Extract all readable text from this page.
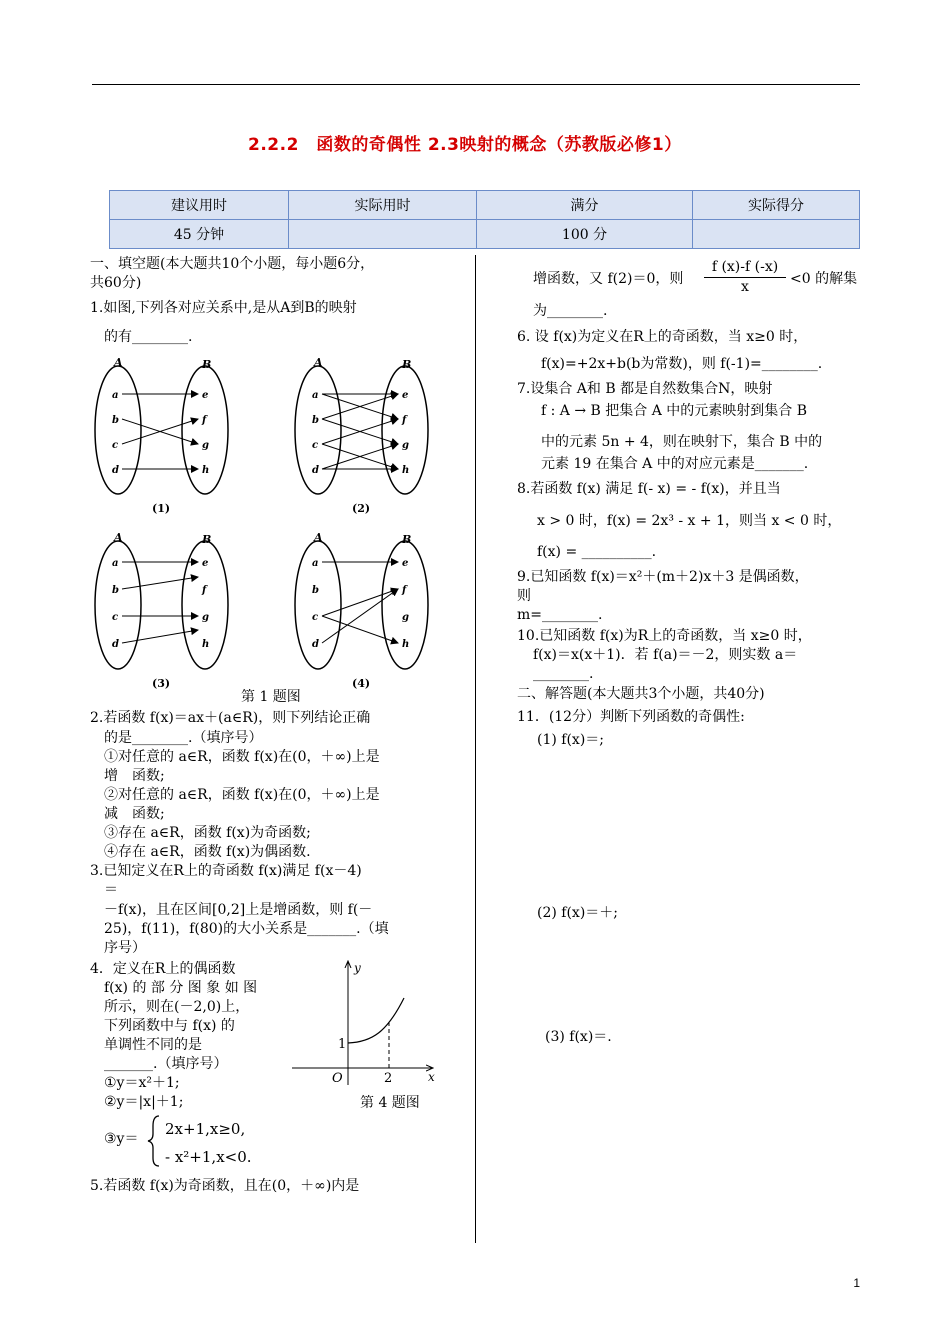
2.2.2　函数的奇偶性 2.3映射的概念（苏教版必修1）
建议用时	实际用时	满分	实际得分
45 分钟		100 分	
一、填空题(本大题共10个小题，每小题6分，
共60分)
1.如图,下列各对应关系中,是从A到B的映射
的有________.
A	B
a
b
c
d
e
f
g
h
(1)
A	B
a
b
c
d
e
f
g
h
(2)
A	B
a
b
c
d
e
f
g
h
(3)
A	B
a
b
c
d
e
f
g
h
(4)
第 1 题图
2.若函数 f(x)＝ax＋(a∈R)，则下列结论正确
的是________.（填序号）
①对任意的 a∈R，函数 f(x)在(0，＋∞)上是
增　函数;
②对任意的 a∈R，函数 f(x)在(0，＋∞)上是
减　函数;
③存在 a∈R，函数 f(x)为奇函数;
④存在 a∈R，函数 f(x)为偶函数.
3.已知定义在R上的奇函数 f(x)满足 f(x－4)
＝
－f(x)，且在区间[0,2]上是增函数，则 f(－
25)，f(11)，f(80)的大小关系是_______.（填
序号）
4．定义在R上的偶函数
f(x) 的 部 分 图 象 如 图
所示，则在(－2,0)上，
下列函数中与 f(x) 的
单调性不同的是
_______.（填序号）
①y＝x²＋1;
②y＝|x|＋1;
③y＝
2x+1,x≥0,
- x²+1,x<0.
y
x
O
1
2
第 4 题图
5.若函数 f(x)为奇函数，且在(0，＋∞)内是
增函数，又 f(2)＝0，则 $\frac{f (x)-f (-x)}{x} <0$ 的解集
为________.
6. 设 f(x)为定义在R上的奇函数，当 x≥0 时，
f(x)=+2x+b(b为常数)，则 f(-1)=________.
7.设集合 A和 B 都是自然数集合N，映射
f : A → B 把集合 A 中的元素映射到集合 B
中的元素 5n + 4，则在映射下，集合 B 中的
元素 19 在集合 A 中的对应元素是_______.
8.若函数 f(x) 满足 f(- x) = - f(x)，并且当
x > 0 时，f(x) = 2x³ - x + 1，则当 x < 0 时，
f(x) = __________.
9.已知函数 f(x)＝x²＋(m＋2)x＋3 是偶函数，
则
m=________.
10.已知函数 f(x)为R上的奇函数，当 x≥0 时，
f(x)＝x(x＋1)．若 f(a)＝－2，则实数 a＝
________.
二、解答题(本大题共3个小题，共40分)
11．(12分）判断下列函数的奇偶性:
(1) f(x)＝;
(2) f(x)＝＋;
(3) f(x)＝.
1
